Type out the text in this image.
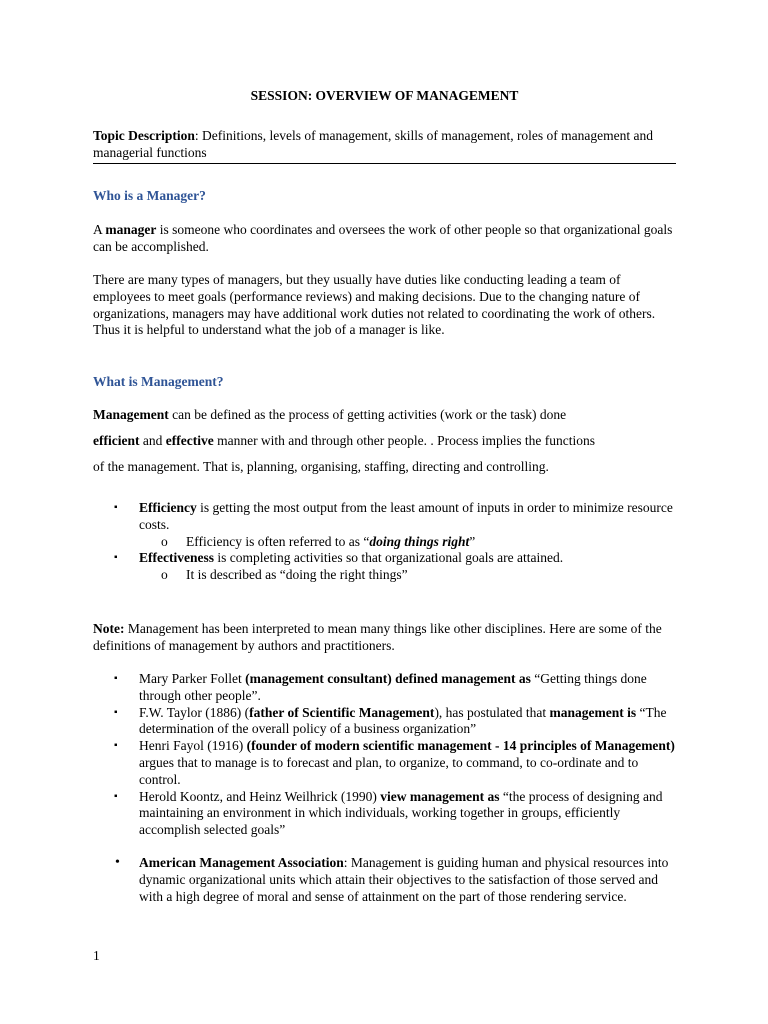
SESSION: OVERVIEW OF MANAGEMENT
Topic Description: Definitions, levels of management, skills of management, roles of management and managerial functions
Who is a Manager?
A manager is someone who coordinates and oversees the work of other people so that organizational goals can be accomplished.
There are many types of managers, but they usually have duties like conducting leading a team of employees to meet goals (performance reviews) and making decisions. Due to the changing nature of organizations, managers may have additional work duties not related to coordinating the work of others. Thus it is helpful to understand what the job of a manager is like.
What is Management?
Management can be defined as the process of getting activities (work or the task) done
efficient and effective manner with and through other people. . Process implies the functions
of the management. That is, planning, organising, staffing, directing and controlling.
▪ Efficiency is getting the most output from the least amount of inputs in order to minimize resource costs.
o Efficiency is often referred to as “doing things right”
▪ Effectiveness is completing activities so that organizational goals are attained.
o It is described as “doing the right things”
Note: Management has been interpreted to mean many things like other disciplines. Here are some of the definitions of management by authors and practitioners.
▪ Mary Parker Follet (management consultant) defined management as “Getting things done through other people”.
▪ F.W. Taylor (1886) (father of Scientific Management), has postulated that management is “The determination of the overall policy of a business organization”
▪ Henri Fayol (1916) (founder of modern scientific management - 14 principles of Management) argues that to manage is to forecast and plan, to organize, to command, to co-ordinate and to control.
▪ Herold Koontz, and Heinz Weilhrick (1990) view management as “the process of designing and maintaining an environment in which individuals, working together in groups, efficiently accomplish selected goals”
• American Management Association: Management is guiding human and physical resources into dynamic organizational units which attain their objectives to the satisfaction of those served and with a high degree of moral and sense of attainment on the part of those rendering service.
1
